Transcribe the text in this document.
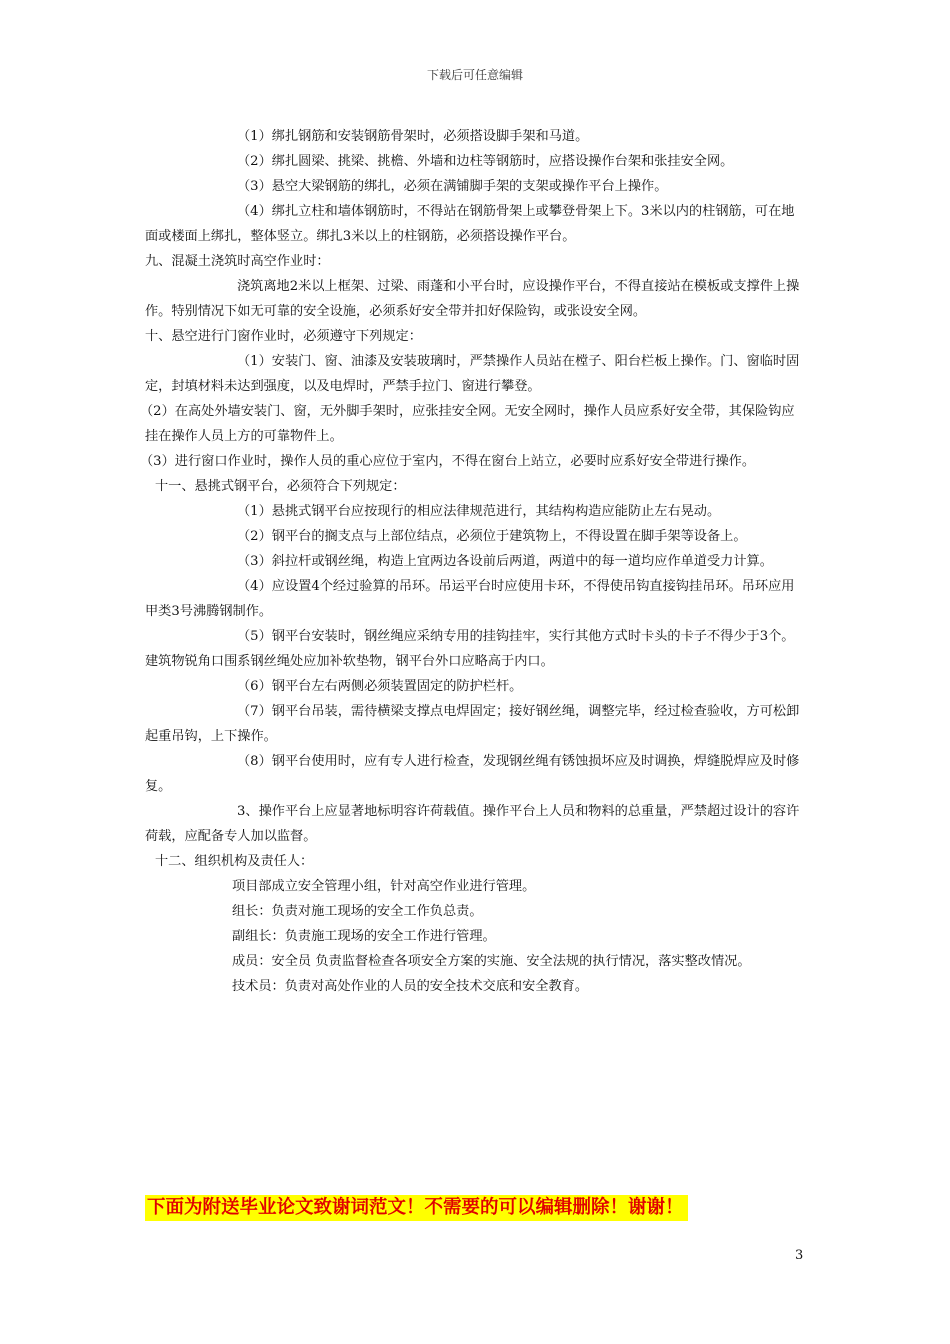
下载后可任意编辑

（1）绑扎钢筋和安装钢筋骨架时，必须搭设脚手架和马道。

（2）绑扎圆梁、挑梁、挑檐、外墙和边柱等钢筋时，应搭设操作台架和张挂安全网。

（3）悬空大梁钢筋的绑扎，必须在满铺脚手架的支架或操作平台上操作。

（4）绑扎立柱和墙体钢筋时，不得站在钢筋骨架上或攀登骨架上下。3米以内的柱钢筋，可在地面或楼面上绑扎，整体竖立。绑扎3米以上的柱钢筋，必须搭设操作平台。

九、混凝土浇筑时高空作业时：

浇筑离地2米以上框架、过梁、雨蓬和小平台时，应设操作平台，不得直接站在模板或支撑件上操作。特别情况下如无可靠的安全设施，必须系好安全带并扣好保险钩，或张设安全网。

十、悬空进行门窗作业时，必须遵守下列规定：

（1）安装门、窗、油漆及安装玻璃时，严禁操作人员站在樘子、阳台栏板上操作。门、窗临时固定，封填材料未达到强度，以及电焊时，严禁手拉门、窗进行攀登。

（2）在高处外墙安装门、窗，无外脚手架时，应张挂安全网。无安全网时，操作人员应系好安全带，其保险钩应挂在操作人员上方的可靠物件上。

（3）进行窗口作业时，操作人员的重心应位于室内，不得在窗台上站立，必要时应系好安全带进行操作。

十一、悬挑式钢平台，必须符合下列规定：

（1）悬挑式钢平台应按现行的相应法律规范进行，其结构构造应能防止左右晃动。

（2）钢平台的搁支点与上部位结点，必须位于建筑物上，不得设置在脚手架等设备上。

（3）斜拉杆或钢丝绳，构造上宜两边各设前后两道，两道中的每一道均应作单道受力计算。

（4）应设置4个经过验算的吊环。吊运平台时应使用卡环，不得使吊钩直接钩挂吊环。吊环应用甲类3号沸腾钢制作。

（5）钢平台安装时，钢丝绳应采纳专用的挂钩挂牢，实行其他方式时卡头的卡子不得少于3个。建筑物锐角口围系钢丝绳处应加补软垫物，钢平台外口应略高于内口。

（6）钢平台左右两侧必须装置固定的防护栏杆。

（7）钢平台吊装，需待横梁支撑点电焊固定；接好钢丝绳，调整完毕，经过检查验收，方可松卸起重吊钩，上下操作。

（8）钢平台使用时，应有专人进行检查，发现钢丝绳有锈蚀损坏应及时调换，焊缝脱焊应及时修复。

3、操作平台上应显著地标明容许荷载值。操作平台上人员和物料的总重量，严禁超过设计的容许荷载，应配备专人加以监督。

十二、组织机构及责任人：

项目部成立安全管理小组，针对高空作业进行管理。

组长：负责对施工现场的安全工作负总责。

副组长：负责施工现场的安全工作进行管理。

成员：安全员 负责监督检查各项安全方案的实施、安全法规的执行情况，落实整改情况。

技术员：负责对高处作业的人员的安全技术交底和安全教育。

下面为附送毕业论文致谢词范文！不需要的可以编辑删除！谢谢！
3
